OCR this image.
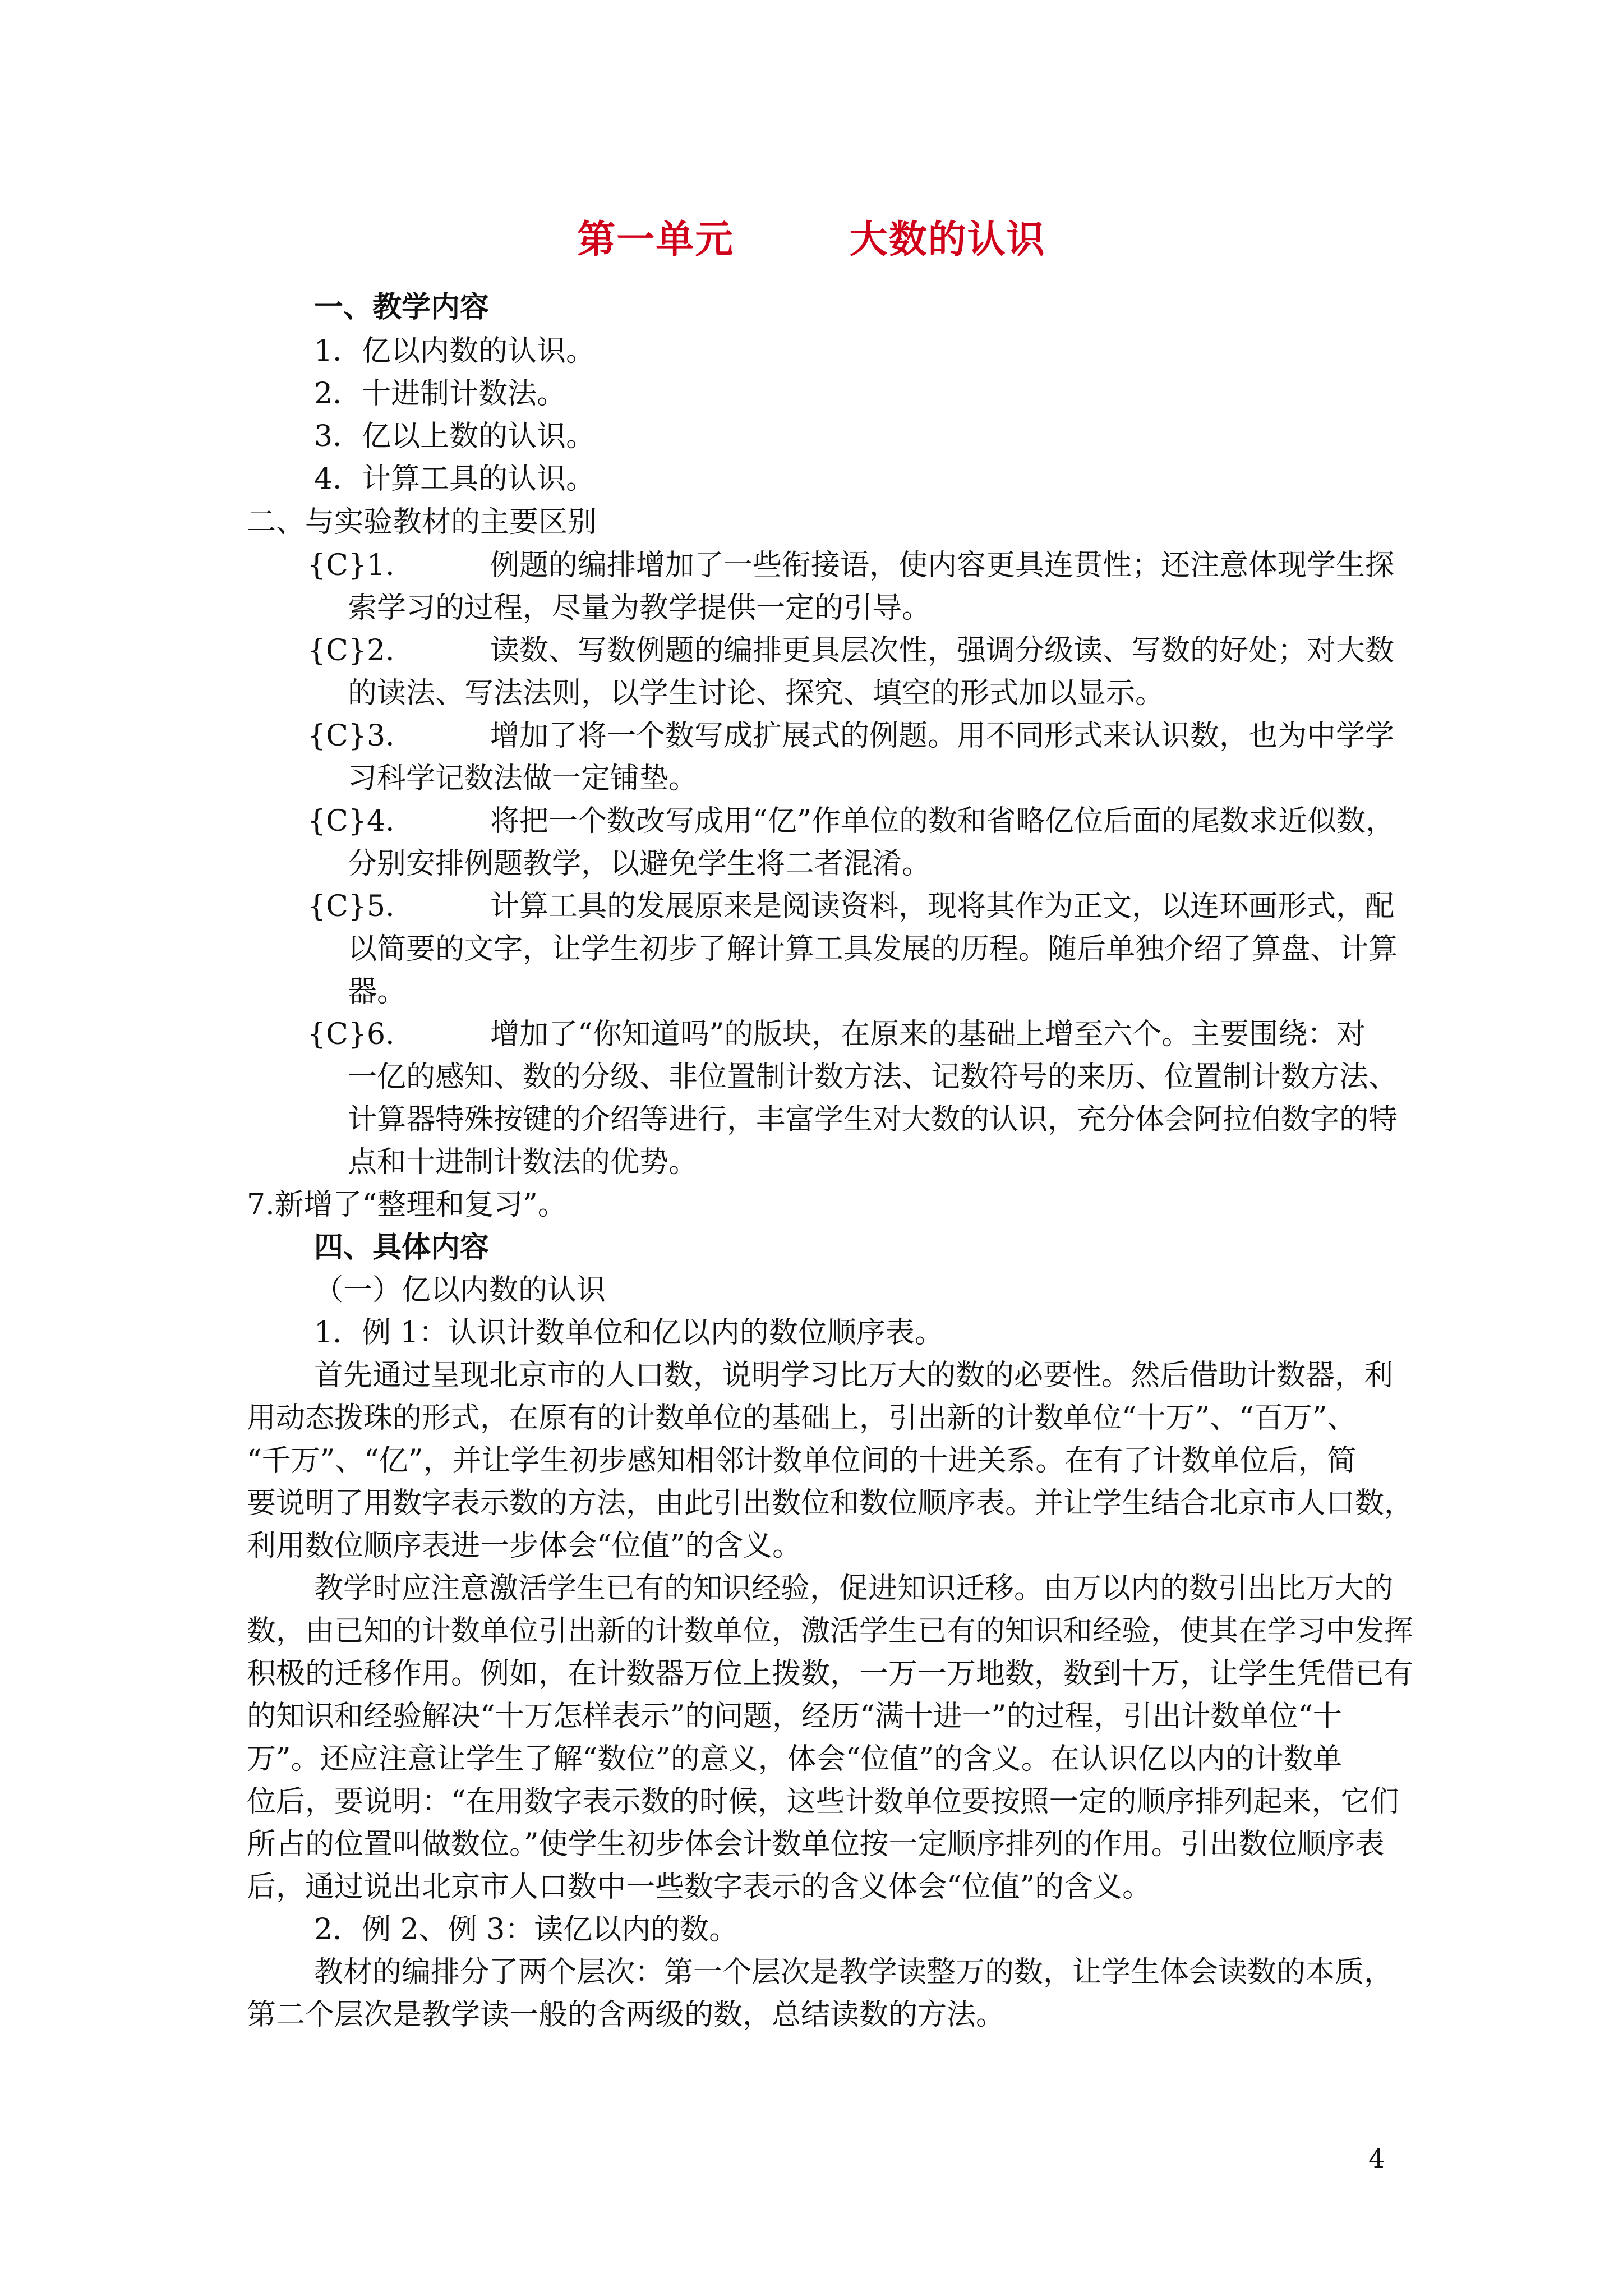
第一单元        大数的认识
一、教学内容
1．亿以内数的认识。
2．十进制计数法。
3．亿以上数的认识。
4．计算工具的认识。
二、与实验教材的主要区别
{C}1.	例题的编排增加了一些衔接语，使内容更具连贯性；还注意体现学生探
索学习的过程，尽量为教学提供一定的引导。
{C}2.	读数、写数例题的编排更具层次性，强调分级读、写数的好处；对大数
的读法、写法法则，以学生讨论、探究、填空的形式加以显示。
{C}3.	增加了将一个数写成扩展式的例题。用不同形式来认识数，也为中学学
习科学记数法做一定铺垫。
{C}4.	将把一个数改写成用“亿”作单位的数和省略亿位后面的尾数求近似数，
分别安排例题教学，以避免学生将二者混淆。
{C}5.	计算工具的发展原来是阅读资料，现将其作为正文，以连环画形式，配
以简要的文字，让学生初步了解计算工具发展的历程。随后单独介绍了算盘、计算
器。
{C}6.	增加了“你知道吗”的版块，在原来的基础上增至六个。主要围绕：对
一亿的感知、数的分级、非位置制计数方法、记数符号的来历、位置制计数方法、
计算器特殊按键的介绍等进行，丰富学生对大数的认识，充分体会阿拉伯数字的特
点和十进制计数法的优势。
7.新增了“整理和复习”。
四、具体内容
（一）亿以内数的认识
1．例 1：认识计数单位和亿以内的数位顺序表。
首先通过呈现北京市的人口数，说明学习比万大的数的必要性。然后借助计数器，利
用动态拨珠的形式，在原有的计数单位的基础上，引出新的计数单位“十万”、“百万”、
“千万”、“亿”，并让学生初步感知相邻计数单位间的十进关系。在有了计数单位后，简
要说明了用数字表示数的方法，由此引出数位和数位顺序表。并让学生结合北京市人口数，
利用数位顺序表进一步体会“位值”的含义。
教学时应注意激活学生已有的知识经验，促进知识迁移。由万以内的数引出比万大的
数，由已知的计数单位引出新的计数单位，激活学生已有的知识和经验，使其在学习中发挥
积极的迁移作用。例如，在计数器万位上拨数，一万一万地数，数到十万，让学生凭借已有
的知识和经验解决“十万怎样表示”的问题，经历“满十进一”的过程，引出计数单位“十
万”。还应注意让学生了解“数位”的意义，体会“位值”的含义。在认识亿以内的计数单
位后，要说明：“在用数字表示数的时候，这些计数单位要按照一定的顺序排列起来，它们
所占的位置叫做数位。”使学生初步体会计数单位按一定顺序排列的作用。引出数位顺序表
后，通过说出北京市人口数中一些数字表示的含义体会“位值”的含义。
2．例 2、例 3：读亿以内的数。
教材的编排分了两个层次：第一个层次是教学读整万的数，让学生体会读数的本质，
第二个层次是教学读一般的含两级的数，总结读数的方法。
4
